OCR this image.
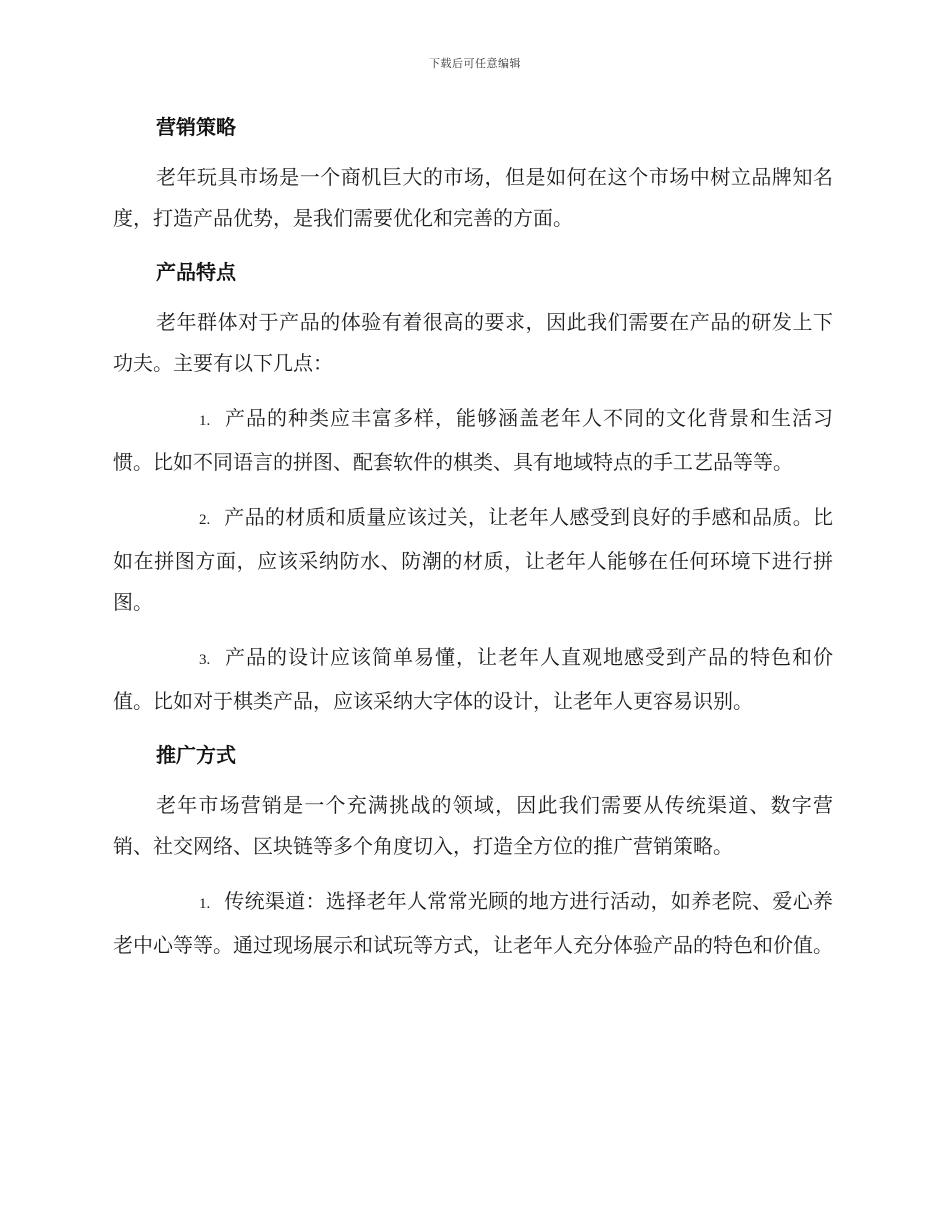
下载后可任意编辑
营销策略

老年玩具市场是一个商机巨大的市场，但是如何在这个市场中树立品牌知名度，打造产品优势，是我们需要优化和完善的方面。

产品特点

老年群体对于产品的体验有着很高的要求，因此我们需要在产品的研发上下功夫。主要有以下几点：

1. 产品的种类应丰富多样，能够涵盖老年人不同的文化背景和生活习惯。比如不同语言的拼图、配套软件的棋类、具有地域特点的手工艺品等等。
2. 产品的材质和质量应该过关，让老年人感受到良好的手感和品质。比如在拼图方面，应该采纳防水、防潮的材质，让老年人能够在任何环境下进行拼图。
3. 产品的设计应该简单易懂，让老年人直观地感受到产品的特色和价值。比如对于棋类产品，应该采纳大字体的设计，让老年人更容易识别。
推广方式

老年市场营销是一个充满挑战的领域，因此我们需要从传统渠道、数字营销、社交网络、区块链等多个角度切入，打造全方位的推广营销策略。

1. 传统渠道：选择老年人常常光顾的地方进行活动，如养老院、爱心养老中心等等。通过现场展示和试玩等方式，让老年人充分体验产品的特色和价值。
